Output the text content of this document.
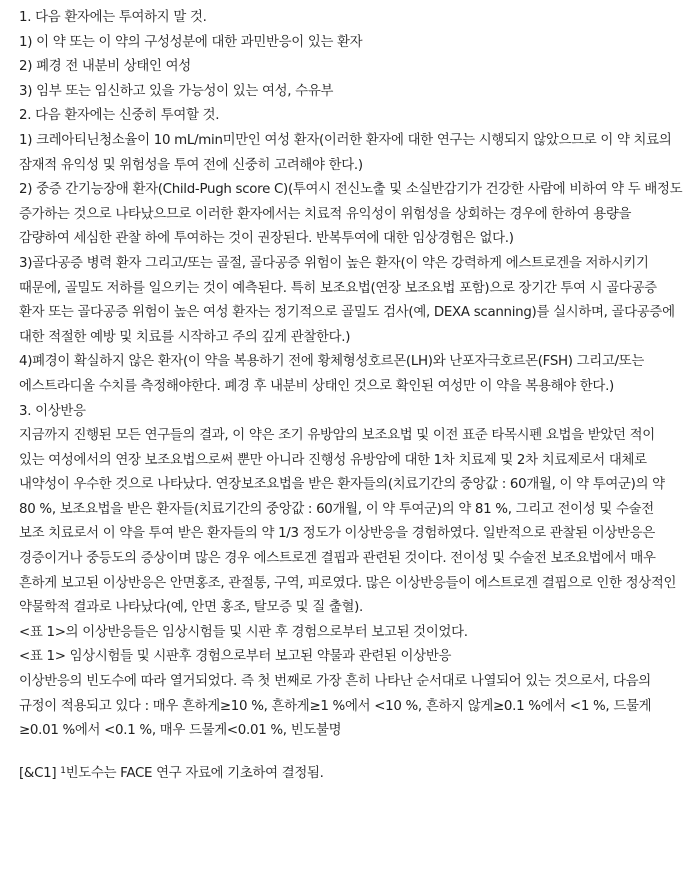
1. 다음 환자에는 투여하지 말 것.

1) 이 약 또는 이 약의 구성성분에 대한 과민반응이 있는 환자

2) 폐경 전 내분비 상태인 여성

3) 임부 또는 임신하고 있을 가능성이 있는 여성, 수유부

2. 다음 환자에는 신중히 투여할 것.

1) 크레아티닌청소율이 10 mL/min미만인 여성 환자(이러한 환자에 대한 연구는 시행되지 않았으므로 이 약 치료의 잠재적 유익성 및 위험성을 투여 전에 신중히 고려해야 한다.)

2) 중증 간기능장애 환자(Child-Pugh score C)(투여시 전신노출 및 소실반감기가 건강한 사람에 비하여 약 두 배정도 증가하는 것으로 나타났으므로 이러한 환자에서는 치료적 유익성이 위험성을 상회하는 경우에 한하여 용량을 감량하여 세심한 관찰 하에 투여하는 것이 권장된다. 반복투여에 대한 임상경험은 없다.)

3)골다공증 병력 환자 그리고/또는 골절, 골다공증 위험이 높은 환자(이 약은 강력하게 에스트로겐을 저하시키기 때문에, 골밀도 저하를 일으키는 것이 예측된다. 특히 보조요법(연장 보조요법 포함)으로 장기간 투여 시 골다공증 환자 또는 골다공증 위험이 높은 여성 환자는 정기적으로 골밀도 검사(예, DEXA scanning)를 실시하며, 골다공증에 대한 적절한 예방 및 치료를 시작하고 주의 깊게 관찰한다.)

4)폐경이 확실하지 않은 환자(이 약을 복용하기 전에 황체형성호르몬(LH)와 난포자극호르몬(FSH) 그리고/또는 에스트라디올 수치를 측정해야한다. 폐경 후 내분비 상태인 것으로 확인된 여성만 이 약을 복용해야 한다.)

3. 이상반응

지금까지 진행된 모든 연구들의 결과, 이 약은 조기 유방암의 보조요법 및 이전 표준 타목시펜 요법을 받았던 적이 있는 여성에서의 연장 보조요법으로써 뿐만 아니라 진행성 유방암에 대한 1차 치료제 및 2차 치료제로서 대체로 내약성이 우수한 것으로 나타났다. 연장보조요법을 받은 환자들의(치료기간의 중앙값 : 60개월, 이 약 투여군)의 약 80 %, 보조요법을 받은 환자들(치료기간의 중앙값 : 60개월, 이 약 투여군)의 약 81 %, 그리고 전이성 및 수술전 보조 치료로서 이 약을 투여 받은 환자들의 약 1/3 정도가 이상반응을 경험하였다. 일반적으로 관찰된 이상반응은 경증이거나 중등도의 증상이며 많은 경우 에스트로겐 결핍과 관련된 것이다. 전이성 및 수술전 보조요법에서 매우 흔하게 보고된 이상반응은 안면홍조, 관절통, 구역, 피로였다. 많은 이상반응들이 에스트로겐 결핍으로 인한 정상적인 약물학적 결과로 나타났다(예, 안면 홍조, 탈모증 및 질 출혈).

<표 1>의 이상반응들은 임상시험들 및 시판 후 경험으로부터 보고된 것이었다.

<표 1> 임상시험들 및 시판후 경험으로부터 보고된 약물과 관련된 이상반응

이상반응의 빈도수에 따라 열거되었다. 즉 첫 번째로 가장 흔히 나타난 순서대로 나열되어 있는 것으로서, 다음의 규정이 적용되고 있다 : 매우 흔하게≥10 %, 흔하게≥1 %에서 <10 %, 흔하지 않게≥0.1 %에서 <1 %, 드물게≥0.01 %에서 <0.1 %, 매우 드물게<0.01 %, 빈도불명

[&C1] $^1$빈도수는 FACE 연구 자료에 기초하여 결정됨.
